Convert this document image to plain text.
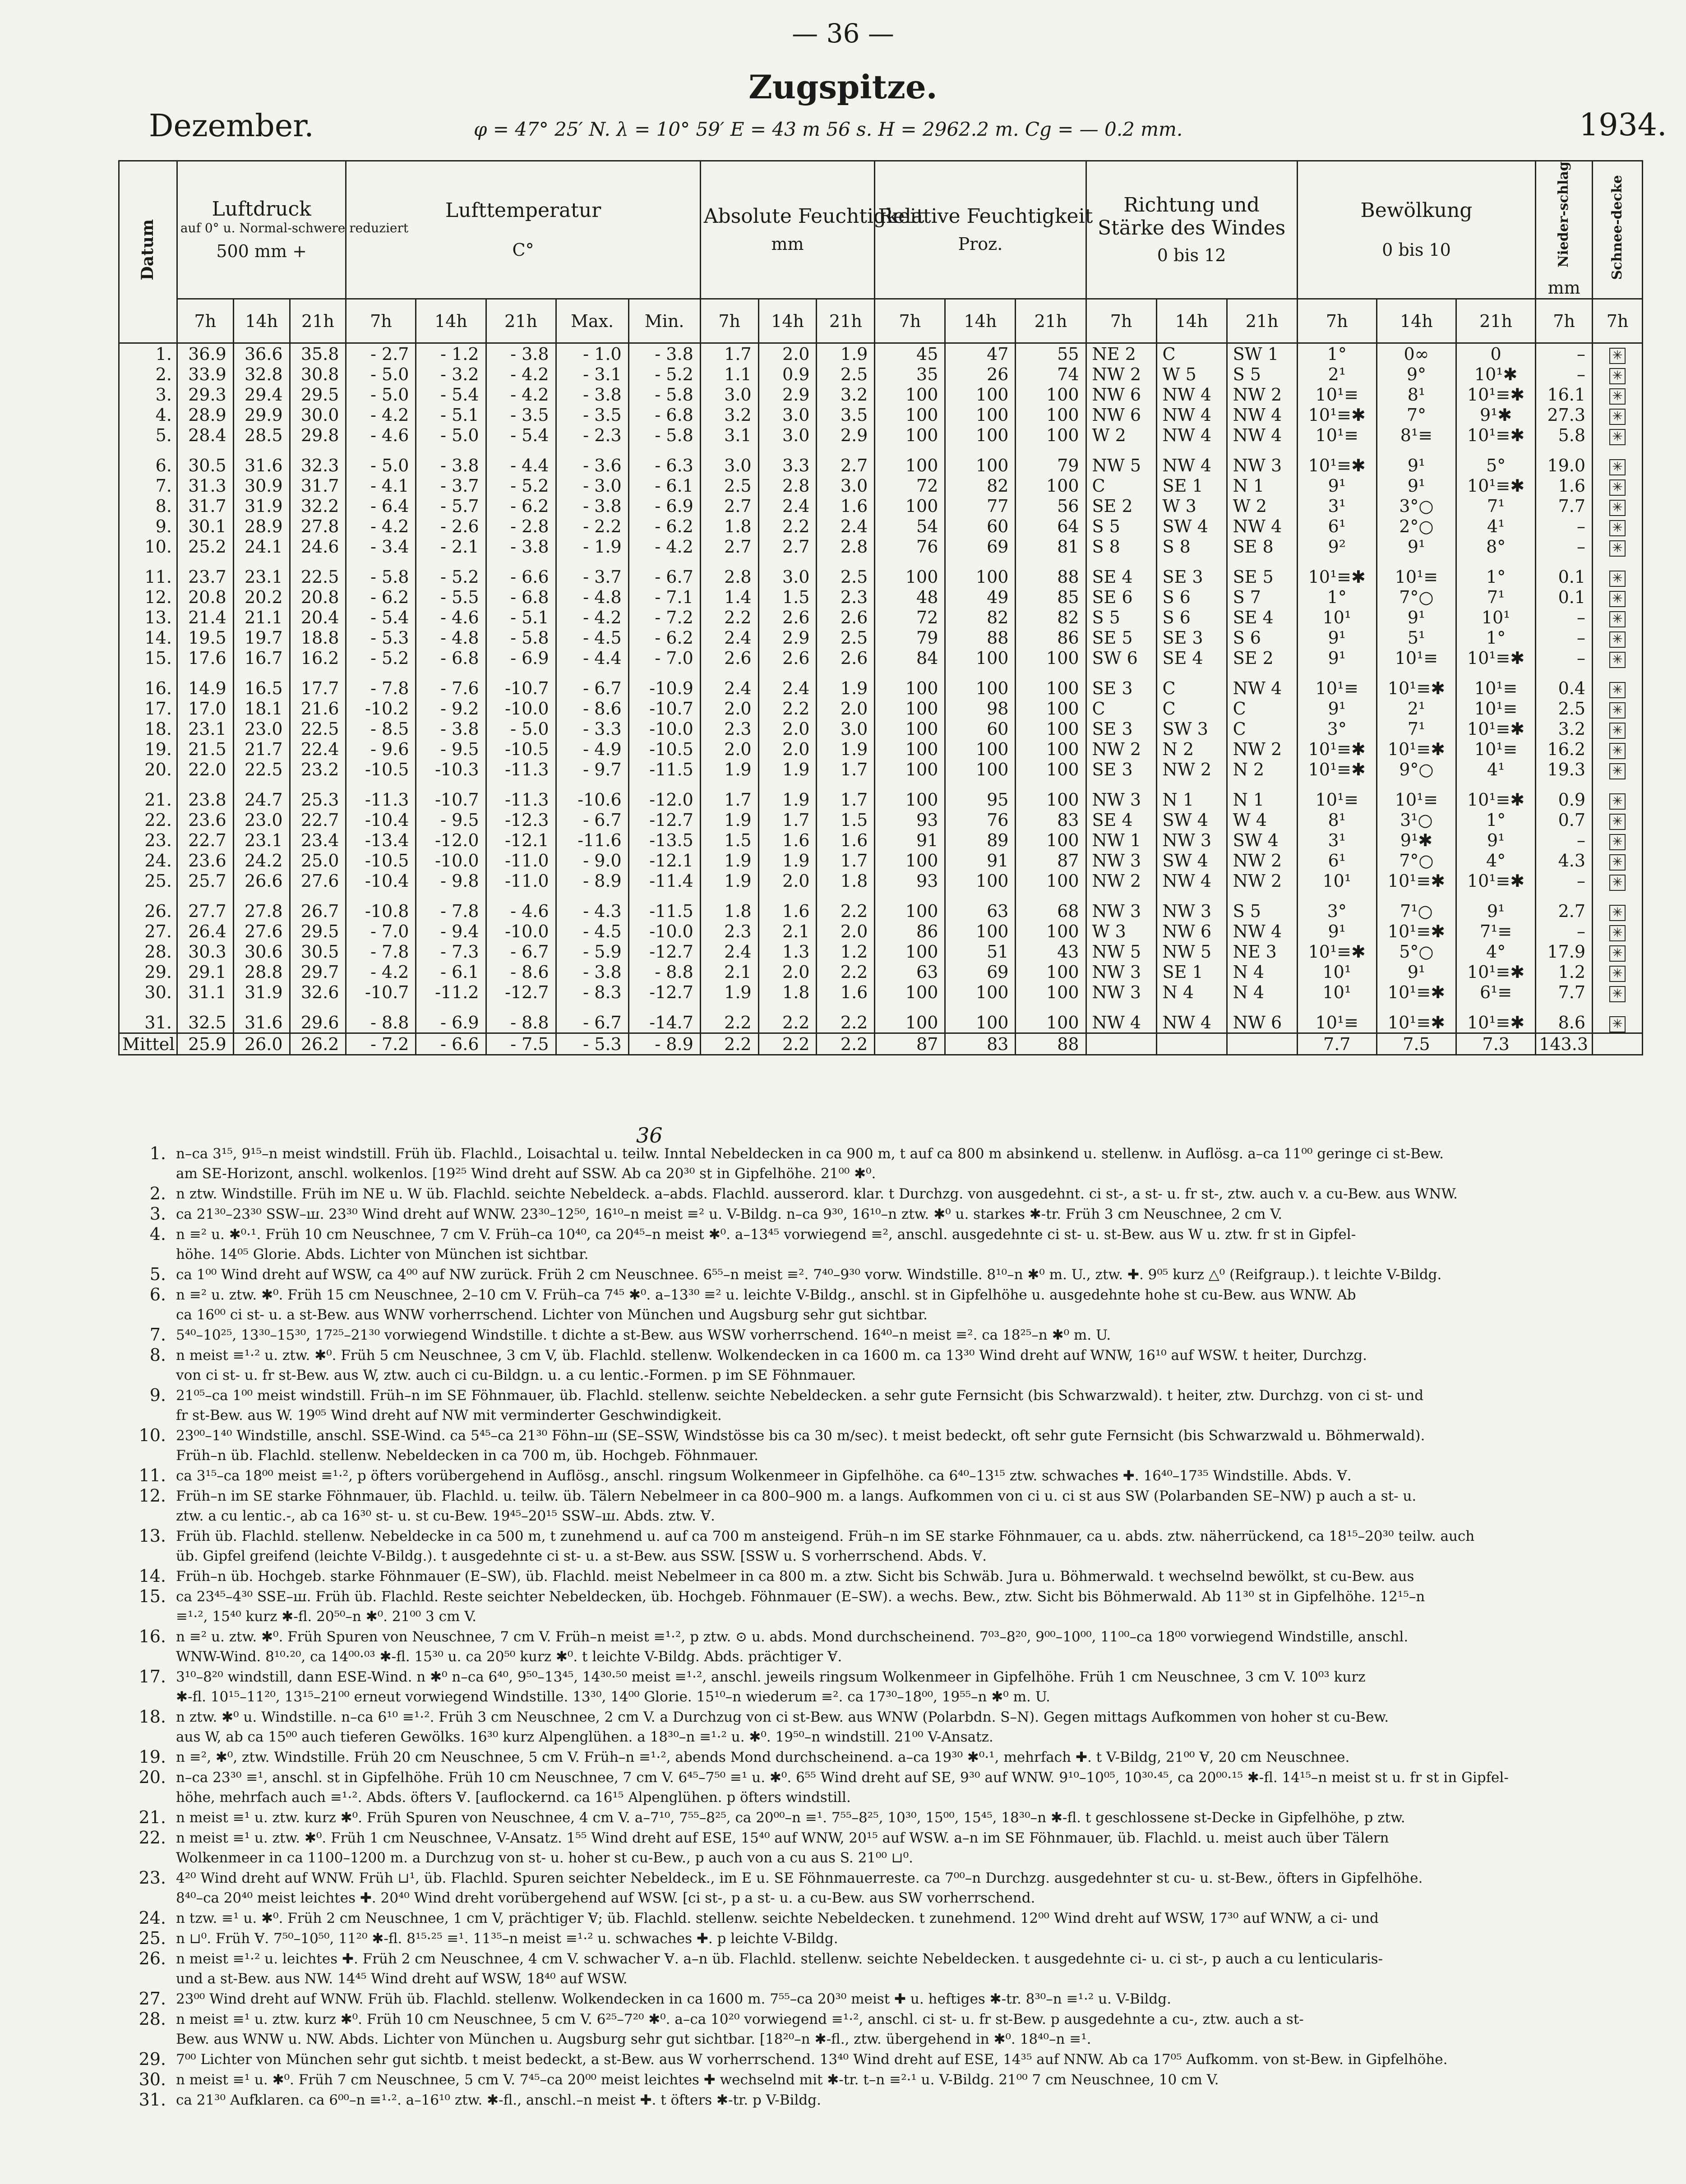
— 36 —
Zugspitze.
Dezember.	φ = 47° 25′ N. λ = 10° 59′ E = 43 m 56 s. H = 2962.2 m. Cg = — 0.2 mm.	1934.
Datum	Luftdruck
auf 0° u. Normal-schwere reduziert
500 mm +			Lufttemperatur
C°					Absolute Feuchtigkeit
mm			Relative Feuchtigkeit
Proz.			Richtung und Stärke des Windes
0 bis 12			Bewölkung
0 bis 10			Nieder-schlag
mm	Schnee-decke
	7h	14h	21h	7h	14h	21h	Max.	Min.	7h	14h	21h	7h	14h	21h	7h	14h	21h	7h	14h	21h	7h	7h
1.	36.9	36.6	35.8	- 2.7	- 1.2	- 3.8	- 1.0	- 3.8	1.7	2.0	1.9	45	47	55	NE 2	C	SW 1	1°	0∞	0	–	✳
2.	33.9	32.8	30.8	- 5.0	- 3.2	- 4.2	- 3.1	- 5.2	1.1	0.9	2.5	35	26	74	NW 2	W 5	S 5	2¹	9°	10¹✱	–	✳
3.	29.3	29.4	29.5	- 5.0	- 5.4	- 4.2	- 3.8	- 5.8	3.0	2.9	3.2	100	100	100	NW 6	NW 4	NW 2	10¹≡	8¹	10¹≡✱	16.1	✳
4.	28.9	29.9	30.0	- 4.2	- 5.1	- 3.5	- 3.5	- 6.8	3.2	3.0	3.5	100	100	100	NW 6	NW 4	NW 4	10¹≡✱	7°	9¹✱	27.3	✳
5.	28.4	28.5	29.8	- 4.6	- 5.0	- 5.4	- 2.3	- 5.8	3.1	3.0	2.9	100	100	100	W 2	NW 4	NW 4	10¹≡	8¹≡	10¹≡✱	5.8	✳
6.	30.5	31.6	32.3	- 5.0	- 3.8	- 4.4	- 3.6	- 6.3	3.0	3.3	2.7	100	100	79	NW 5	NW 4	NW 3	10¹≡✱	9¹	5°	19.0	✳
7.	31.3	30.9	31.7	- 4.1	- 3.7	- 5.2	- 3.0	- 6.1	2.5	2.8	3.0	72	82	100	C	SE 1	N 1	9¹	9¹	10¹≡✱	1.6	✳
8.	31.7	31.9	32.2	- 6.4	- 5.7	- 6.2	- 3.8	- 6.9	2.7	2.4	1.6	100	77	56	SE 2	W 3	W 2	3¹	3°○	7¹	7.7	✳
9.	30.1	28.9	27.8	- 4.2	- 2.6	- 2.8	- 2.2	- 6.2	1.8	2.2	2.4	54	60	64	S 5	SW 4	NW 4	6¹	2°○	4¹	–	✳
10.	25.2	24.1	24.6	- 3.4	- 2.1	- 3.8	- 1.9	- 4.2	2.7	2.7	2.8	76	69	81	S 8	S 8	SE 8	9²	9¹	8°	–	✳
11.	23.7	23.1	22.5	- 5.8	- 5.2	- 6.6	- 3.7	- 6.7	2.8	3.0	2.5	100	100	88	SE 4	SE 3	SE 5	10¹≡✱	10¹≡	1°	0.1	✳
12.	20.8	20.2	20.8	- 6.2	- 5.5	- 6.8	- 4.8	- 7.1	1.4	1.5	2.3	48	49	85	SE 6	S 6	S 7	1°	7°○	7¹	0.1	✳
13.	21.4	21.1	20.4	- 5.4	- 4.6	- 5.1	- 4.2	- 7.2	2.2	2.6	2.6	72	82	82	S 5	S 6	SE 4	10¹	9¹	10¹	–	✳
14.	19.5	19.7	18.8	- 5.3	- 4.8	- 5.8	- 4.5	- 6.2	2.4	2.9	2.5	79	88	86	SE 5	SE 3	S 6	9¹	5¹	1°	–	✳
15.	17.6	16.7	16.2	- 5.2	- 6.8	- 6.9	- 4.4	- 7.0	2.6	2.6	2.6	84	100	100	SW 6	SE 4	SE 2	9¹	10¹≡	10¹≡✱	–	✳
16.	14.9	16.5	17.7	- 7.8	- 7.6	-10.7	- 6.7	-10.9	2.4	2.4	1.9	100	100	100	SE 3	C	NW 4	10¹≡	10¹≡✱	10¹≡	0.4	✳
17.	17.0	18.1	21.6	-10.2	- 9.2	-10.0	- 8.6	-10.7	2.0	2.2	2.0	100	98	100	C	C	C	9¹	2¹	10¹≡	2.5	✳
18.	23.1	23.0	22.5	- 8.5	- 3.8	- 5.0	- 3.3	-10.0	2.3	2.0	3.0	100	60	100	SE 3	SW 3	C	3°	7¹	10¹≡✱	3.2	✳
19.	21.5	21.7	22.4	- 9.6	- 9.5	-10.5	- 4.9	-10.5	2.0	2.0	1.9	100	100	100	NW 2	N 2	NW 2	10¹≡✱	10¹≡✱	10¹≡	16.2	✳
20.	22.0	22.5	23.2	-10.5	-10.3	-11.3	- 9.7	-11.5	1.9	1.9	1.7	100	100	100	SE 3	NW 2	N 2	10¹≡✱	9°○	4¹	19.3	✳
21.	23.8	24.7	25.3	-11.3	-10.7	-11.3	-10.6	-12.0	1.7	1.9	1.7	100	95	100	NW 3	N 1	N 1	10¹≡	10¹≡	10¹≡✱	0.9	✳
22.	23.6	23.0	22.7	-10.4	- 9.5	-12.3	- 6.7	-12.7	1.9	1.7	1.5	93	76	83	SE 4	SW 4	W 4	8¹	3¹○	1°	0.7	✳
23.	22.7	23.1	23.4	-13.4	-12.0	-12.1	-11.6	-13.5	1.5	1.6	1.6	91	89	100	NW 1	NW 3	SW 4	3¹	9¹✱	9¹	–	✳
24.	23.6	24.2	25.0	-10.5	-10.0	-11.0	- 9.0	-12.1	1.9	1.9	1.7	100	91	87	NW 3	SW 4	NW 2	6¹	7°○	4°	4.3	✳
25.	25.7	26.6	27.6	-10.4	- 9.8	-11.0	- 8.9	-11.4	1.9	2.0	1.8	93	100	100	NW 2	NW 4	NW 2	10¹	10¹≡✱	10¹≡✱	–	✳
26.	27.7	27.8	26.7	-10.8	- 7.8	- 4.6	- 4.3	-11.5	1.8	1.6	2.2	100	63	68	NW 3	NW 3	S 5	3°	7¹○	9¹	2.7	✳
27.	26.4	27.6	29.5	- 7.0	- 9.4	-10.0	- 4.5	-10.0	2.3	2.1	2.0	86	100	100	W 3	NW 6	NW 4	9¹	10¹≡✱	7¹≡	–	✳
28.	30.3	30.6	30.5	- 7.8	- 7.3	- 6.7	- 5.9	-12.7	2.4	1.3	1.2	100	51	43	NW 5	NW 5	NE 3	10¹≡✱	5°○	4°	17.9	✳
29.	29.1	28.8	29.7	- 4.2	- 6.1	- 8.6	- 3.8	- 8.8	2.1	2.0	2.2	63	69	100	NW 3	SE 1	N 4	10¹	9¹	10¹≡✱	1.2	✳
30.	31.1	31.9	32.6	-10.7	-11.2	-12.7	- 8.3	-12.7	1.9	1.8	1.6	100	100	100	NW 3	N 4	N 4	10¹	10¹≡✱	6¹≡	7.7	✳
31.	32.5	31.6	29.6	- 8.8	- 6.9	- 8.8	- 6.7	-14.7	2.2	2.2	2.2	100	100	100	NW 4	NW 4	NW 6	10¹≡	10¹≡✱	10¹≡✱	8.6	✳
Mittel	25.9	26.0	26.2	- 7.2	- 6.6	- 7.5	- 5.3	- 8.9	2.2	2.2	2.2	87	83	88				7.7	7.5	7.3	143.3	
36
1. n–ca 3¹⁵, 9¹⁵–n meist windstill. Früh üb. Flachld., Loisachtal u. teilw. Inntal Nebeldecken in ca 900 m, t auf ca 800 m absinkend u. stellenw. in Auflösg. a–ca 11⁰⁰ geringe ci st-Bew.
am SE-Horizont, anschl. wolkenlos. [19²⁵ Wind dreht auf SSW. Ab ca 20³⁰ st in Gipfelhöhe. 21⁰⁰ ✱⁰.
2. n ztw. Windstille. Früh im NE u. W üb. Flachld. seichte Nebeldeck. a–abds. Flachld. ausserord. klar. t Durchzg. von ausgedehnt. ci st-, a st- u. fr st-, ztw. auch v. a cu-Bew. aus WNW.
3. ca 21³⁰–23³⁰ SSW–ꟺ. 23³⁰ Wind dreht auf WNW. 23³⁰–12⁵⁰, 16¹⁰–n meist ≡² u. V-Bildg. n–ca 9³⁰, 16¹⁰–n ztw. ✱⁰ u. starkes ✱-tr. Früh 3 cm Neuschnee, 2 cm V.
4. n ≡² u. ✱⁰·¹. Früh 10 cm Neuschnee, 7 cm V. Früh–ca 10⁴⁰, ca 20⁴⁵–n meist ✱⁰. a–13⁴⁵ vorwiegend ≡², anschl. ausgedehnte ci st- u. st-Bew. aus W u. ztw. fr st in Gipfel-
höhe. 14⁰⁵ Glorie. Abds. Lichter von München ist sichtbar.
5. ca 1⁰⁰ Wind dreht auf WSW, ca 4⁰⁰ auf NW zurück. Früh 2 cm Neuschnee. 6⁵⁵–n meist ≡². 7⁴⁰–9³⁰ vorw. Windstille. 8¹⁰–n ✱⁰ m. U., ztw. ✚. 9⁰⁵ kurz △⁰ (Reifgraup.). t leichte V-Bildg.
6. n ≡² u. ztw. ✱⁰. Früh 15 cm Neuschnee, 2–10 cm V. Früh–ca 7⁴⁵ ✱⁰. a–13³⁰ ≡² u. leichte V-Bildg., anschl. st in Gipfelhöhe u. ausgedehnte hohe st cu-Bew. aus WNW. Ab
ca 16⁰⁰ ci st- u. a st-Bew. aus WNW vorherrschend. Lichter von München und Augsburg sehr gut sichtbar.
7. 5⁴⁰–10²⁵, 13³⁰–15³⁰, 17²⁵–21³⁰ vorwiegend Windstille. t dichte a st-Bew. aus WSW vorherrschend. 16⁴⁰–n meist ≡². ca 18²⁵–n ✱⁰ m. U.
8. n meist ≡¹·² u. ztw. ✱⁰. Früh 5 cm Neuschnee, 3 cm V, üb. Flachld. stellenw. Wolkendecken in ca 1600 m. ca 13³⁰ Wind dreht auf WNW, 16¹⁰ auf WSW. t heiter, Durchzg.
von ci st- u. fr st-Bew. aus W, ztw. auch ci cu-Bildgn. u. a cu lentic.-Formen. p im SE Föhnmauer.
9. 21⁰⁵–ca 1⁰⁰ meist windstill. Früh–n im SE Föhnmauer, üb. Flachld. stellenw. seichte Nebeldecken. a sehr gute Fernsicht (bis Schwarzwald). t heiter, ztw. Durchzg. von ci st- und
fr st-Bew. aus W. 19⁰⁵ Wind dreht auf NW mit verminderter Geschwindigkeit.
10. 23⁰⁰–1⁴⁰ Windstille, anschl. SSE-Wind. ca 5⁴⁵–ca 21³⁰ Föhn–ꟺ (SE–SSW, Windstösse bis ca 30 m/sec). t meist bedeckt, oft sehr gute Fernsicht (bis Schwarzwald u. Böhmerwald).
Früh–n üb. Flachld. stellenw. Nebeldecken in ca 700 m, üb. Hochgeb. Föhnmauer.
11. ca 3¹⁵–ca 18⁰⁰ meist ≡¹·², p öfters vorübergehend in Auflösg., anschl. ringsum Wolkenmeer in Gipfelhöhe. ca 6⁴⁰–13¹⁵ ztw. schwaches ✚. 16⁴⁰–17³⁵ Windstille. Abds. Ɐ.
12. Früh–n im SE starke Föhnmauer, üb. Flachld. u. teilw. üb. Tälern Nebelmeer in ca 800–900 m. a langs. Aufkommen von ci u. ci st aus SW (Polarbanden SE–NW) p auch a st- u.
ztw. a cu lentic.-, ab ca 16³⁰ st- u. st cu-Bew. 19⁴⁵–20¹⁵ SSW–ꟺ. Abds. ztw. Ɐ.
13. Früh üb. Flachld. stellenw. Nebeldecke in ca 500 m, t zunehmend u. auf ca 700 m ansteigend. Früh–n im SE starke Föhnmauer, ca u. abds. ztw. näherrückend, ca 18¹⁵–20³⁰ teilw. auch
üb. Gipfel greifend (leichte V-Bildg.). t ausgedehnte ci st- u. a st-Bew. aus SSW. [SSW u. S vorherrschend. Abds. Ɐ.
14. Früh–n üb. Hochgeb. starke Föhnmauer (E–SW), üb. Flachld. meist Nebelmeer in ca 800 m. a ztw. Sicht bis Schwäb. Jura u. Böhmerwald. t wechselnd bewölkt, st cu-Bew. aus
15. ca 23⁴⁵–4³⁰ SSE–ꟺ. Früh üb. Flachld. Reste seichter Nebeldecken, üb. Hochgeb. Föhnmauer (E–SW). a wechs. Bew., ztw. Sicht bis Böhmerwald. Ab 11³⁰ st in Gipfelhöhe. 12¹⁵–n
≡¹·², 15⁴⁰ kurz ✱-fl. 20⁵⁰–n ✱⁰. 21⁰⁰ 3 cm V.
16. n ≡² u. ztw. ✱⁰. Früh Spuren von Neuschnee, 7 cm V. Früh–n meist ≡¹·², p ztw. ⊙ u. abds. Mond durchscheinend. 7⁰³–8²⁰, 9⁰⁰–10⁰⁰, 11⁰⁰–ca 18⁰⁰ vorwiegend Windstille, anschl.
WNW-Wind. 8¹⁰·²⁰, ca 14⁰⁰·⁰³ ✱-fl. 15³⁰ u. ca 20⁵⁰ kurz ✱⁰. t leichte V-Bildg. Abds. prächtiger Ɐ.
17. 3¹⁰–8²⁰ windstill, dann ESE-Wind. n ✱⁰ n–ca 6⁴⁰, 9⁵⁰–13⁴⁵, 14³⁰·⁵⁰ meist ≡¹·², anschl. jeweils ringsum Wolkenmeer in Gipfelhöhe. Früh 1 cm Neuschnee, 3 cm V. 10⁰³ kurz
✱-fl. 10¹⁵–11²⁰, 13¹⁵–21⁰⁰ erneut vorwiegend Windstille. 13³⁰, 14⁰⁰ Glorie. 15¹⁰–n wiederum ≡². ca 17³⁰–18⁰⁰, 19⁵⁵–n ✱⁰ m. U.
18. n ztw. ✱⁰ u. Windstille. n–ca 6¹⁰ ≡¹·². Früh 3 cm Neuschnee, 2 cm V. a Durchzug von ci st-Bew. aus WNW (Polarbdn. S–N). Gegen mittags Aufkommen von hoher st cu-Bew.
aus W, ab ca 15⁰⁰ auch tieferen Gewölks. 16³⁰ kurz Alpenglühen. a 18³⁰–n ≡¹·² u. ✱⁰. 19⁵⁰–n windstill. 21⁰⁰ V-Ansatz.
19. n ≡², ✱⁰, ztw. Windstille. Früh 20 cm Neuschnee, 5 cm V. Früh–n ≡¹·², abends Mond durchscheinend. a–ca 19³⁰ ✱⁰·¹, mehrfach ✚. t V-Bildg, 21⁰⁰ Ɐ, 20 cm Neuschnee.
20. n–ca 23³⁰ ≡¹, anschl. st in Gipfelhöhe. Früh 10 cm Neuschnee, 7 cm V. 6⁴⁵–7⁵⁰ ≡¹ u. ✱⁰. 6⁵⁵ Wind dreht auf SE, 9³⁰ auf WNW. 9¹⁰–10⁰⁵, 10³⁰·⁴⁵, ca 20⁰⁰·¹⁵ ✱-fl. 14¹⁵–n meist st u. fr st in Gipfel-
höhe, mehrfach auch ≡¹·². Abds. öfters Ɐ. [auflockernd. ca 16¹⁵ Alpenglühen. p öfters windstill.
21. n meist ≡¹ u. ztw. kurz ✱⁰. Früh Spuren von Neuschnee, 4 cm V. a–7¹⁰, 7⁵⁵–8²⁵, ca 20⁰⁰–n ≡¹. 7⁵⁵–8²⁵, 10³⁰, 15⁰⁰, 15⁴⁵, 18³⁰–n ✱-fl. t geschlossene st-Decke in Gipfelhöhe, p ztw.
22. n meist ≡¹ u. ztw. ✱⁰. Früh 1 cm Neuschnee, V-Ansatz. 1⁵⁵ Wind dreht auf ESE, 15⁴⁰ auf WNW, 20¹⁵ auf WSW. a–n im SE Föhnmauer, üb. Flachld. u. meist auch über Tälern
Wolkenmeer in ca 1100–1200 m. a Durchzug von st- u. hoher st cu-Bew., p auch von a cu aus S. 21⁰⁰ ⊔⁰.
23. 4²⁰ Wind dreht auf WNW. Früh ⊔¹, üb. Flachld. Spuren seichter Nebeldeck., im E u. SE Föhnmauerreste. ca 7⁰⁰–n Durchzg. ausgedehnter st cu- u. st-Bew., öfters in Gipfelhöhe.
8⁴⁰–ca 20⁴⁰ meist leichtes ✚. 20⁴⁰ Wind dreht vorübergehend auf WSW. [ci st-, p a st- u. a cu-Bew. aus SW vorherrschend.
24. n tzw. ≡¹ u. ✱⁰. Früh 2 cm Neuschnee, 1 cm V, prächtiger Ɐ; üb. Flachld. stellenw. seichte Nebeldecken. t zunehmend. 12⁰⁰ Wind dreht auf WSW, 17³⁰ auf WNW, a ci- und
25. n ⊔⁰. Früh Ɐ. 7⁵⁰–10⁵⁰, 11²⁰ ✱-fl. 8¹⁵·²⁵ ≡¹. 11³⁵–n meist ≡¹·² u. schwaches ✚. p leichte V-Bildg.
26. n meist ≡¹·² u. leichtes ✚. Früh 2 cm Neuschnee, 4 cm V. schwacher Ɐ. a–n üb. Flachld. stellenw. seichte Nebeldecken. t ausgedehnte ci- u. ci st-, p auch a cu lenticularis-
und a st-Bew. aus NW. 14⁴⁵ Wind dreht auf WSW, 18⁴⁰ auf WSW.
27. 23⁰⁰ Wind dreht auf WNW. Früh üb. Flachld. stellenw. Wolkendecken in ca 1600 m. 7⁵⁵–ca 20³⁰ meist ✚ u. heftiges ✱-tr. 8³⁰–n ≡¹·² u. V-Bildg.
28. n meist ≡¹ u. ztw. kurz ✱⁰. Früh 10 cm Neuschnee, 5 cm V. 6²⁵–7²⁰ ✱⁰. a–ca 10²⁰ vorwiegend ≡¹·², anschl. ci st- u. fr st-Bew. p ausgedehnte a cu-, ztw. auch a st-
Bew. aus WNW u. NW. Abds. Lichter von München u. Augsburg sehr gut sichtbar. [18²⁰–n ✱-fl., ztw. übergehend in ✱⁰. 18⁴⁰–n ≡¹.
29. 7⁰⁰ Lichter von München sehr gut sichtb. t meist bedeckt, a st-Bew. aus W vorherrschend. 13⁴⁰ Wind dreht auf ESE, 14³⁵ auf NNW. Ab ca 17⁰⁵ Aufkomm. von st-Bew. in Gipfelhöhe.
30. n meist ≡¹ u. ✱⁰. Früh 7 cm Neuschnee, 5 cm V. 7⁴⁵–ca 20⁰⁰ meist leichtes ✚ wechselnd mit ✱-tr. t–n ≡²·¹ u. V-Bildg. 21⁰⁰ 7 cm Neuschnee, 10 cm V.
31. ca 21³⁰ Aufklaren. ca 6⁰⁰–n ≡¹·². a–16¹⁰ ztw. ✱-fl., anschl.–n meist ✚. t öfters ✱-tr. p V-Bildg.
